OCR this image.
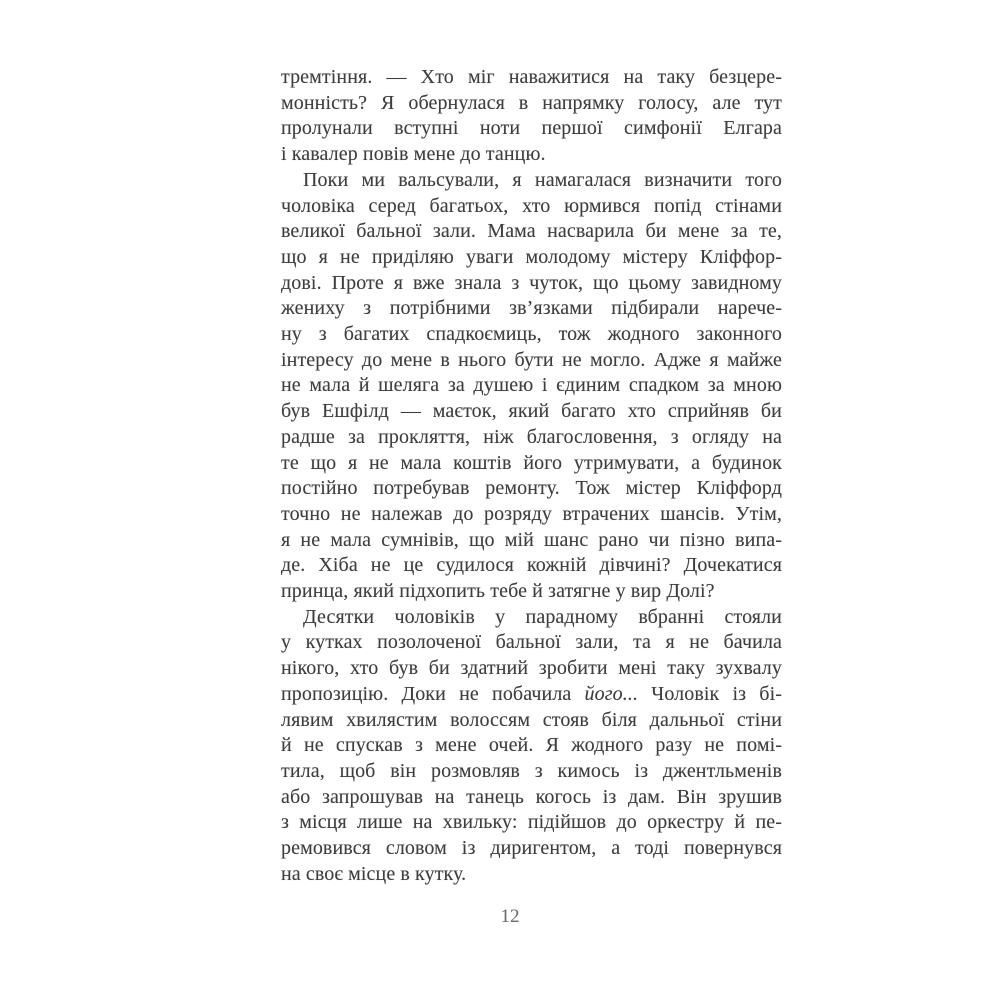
тремтіння. — Хто міг наважитися на таку безцере-
монність? Я обернулася в напрямку голосу, але тут
пролунали вступні ноти першої симфонії Елгара
і кавалер повів мене до танцю.
Поки ми вальсували, я намагалася визначити того
чоловіка серед багатьох, хто юрмився попід стінами
великої бальної зали. Мама насварила би мене за те,
що я не приділяю уваги молодому містеру Кліффор-
дові. Проте я вже знала з чуток, що цьому завидному
жениху з потрібними зв’язками підбирали нарече-
ну з багатих спадкоємиць, тож жодного законного
інтересу до мене в нього бути не могло. Адже я майже
не мала й шеляга за душею і єдиним спадком за мною
був Ешфілд — маєток, який багато хто сприйняв би
радше за прокляття, ніж благословення, з огляду на
те що я не мала коштів його утримувати, а будинок
постійно потребував ремонту. Тож містер Кліффорд
точно не належав до розряду втрачених шансів. Утім,
я не мала сумнівів, що мій шанс рано чи пізно випа-
де. Хіба не це судилося кожній дівчині? Дочекатися
принца, який підхопить тебе й затягне у вир Долі?
Десятки чоловіків у парадному вбранні стояли
у кутках позолоченої бальної зали, та я не бачила
нікого, хто був би здатний зробити мені таку зухвалу
пропозицію. Доки не побачила його... Чоловік із бі-
лявим хвилястим волоссям стояв біля дальньої стіни
й не спускав з мене очей. Я жодного разу не помі-
тила, щоб він розмовляв з кимось із джентльменів
або запрошував на танець когось із дам. Він зрушив
з місця лише на хвильку: підійшов до оркестру й пе-
ремовився словом із диригентом, а тоді повернувся
на своє місце в кутку.
12
